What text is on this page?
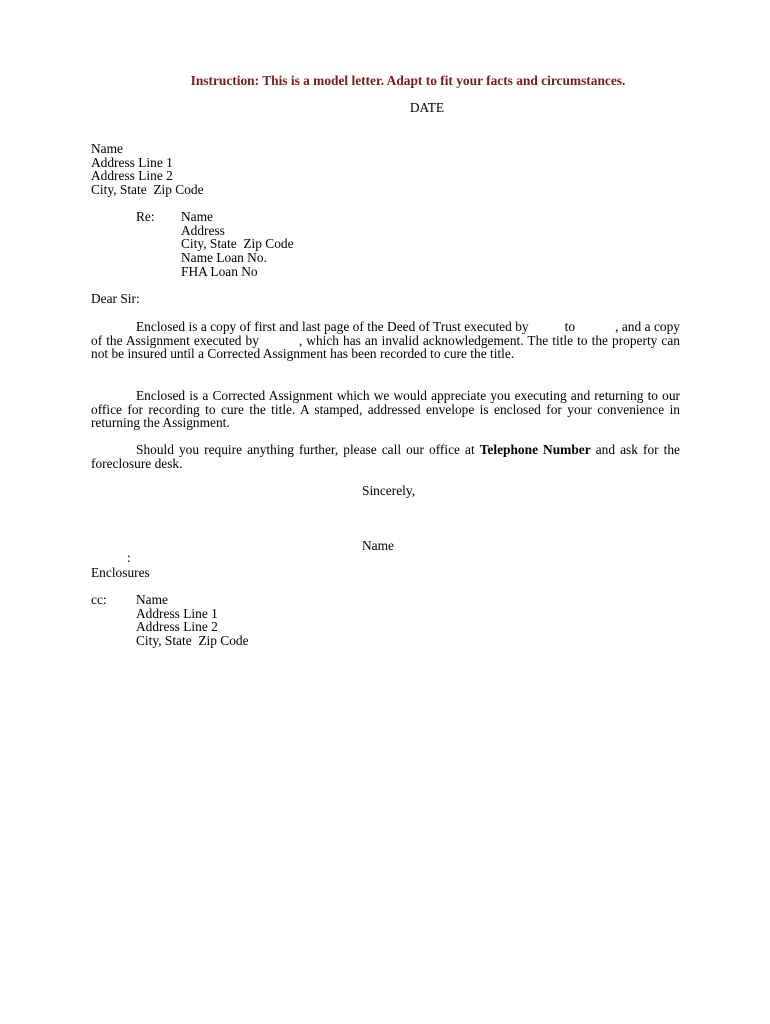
Instruction: This is a model letter. Adapt to fit your facts and circumstances.
DATE
Name
Address Line 1
Address Line 2
City, State  Zip Code
Re: Name
Address
City, State  Zip Code
Name Loan No.
FHA Loan No
Dear Sir:
Enclosed is a copy of first and last page of the Deed of Trust executed by	to	, and a copy of the Assignment executed by	, which has an invalid acknowledgement. The title to the property can not be insured until a Corrected Assignment has been recorded to cure the title.
Enclosed is a Corrected Assignment which we would appreciate you executing and returning to our office for recording to cure the title. A stamped, addressed envelope is enclosed for your convenience in returning the Assignment.
Should you require anything further, please call our office at Telephone Number and ask for the foreclosure desk.
Sincerely,
Name
:
Enclosures
cc: Name
Address Line 1
Address Line 2
City, State  Zip Code
